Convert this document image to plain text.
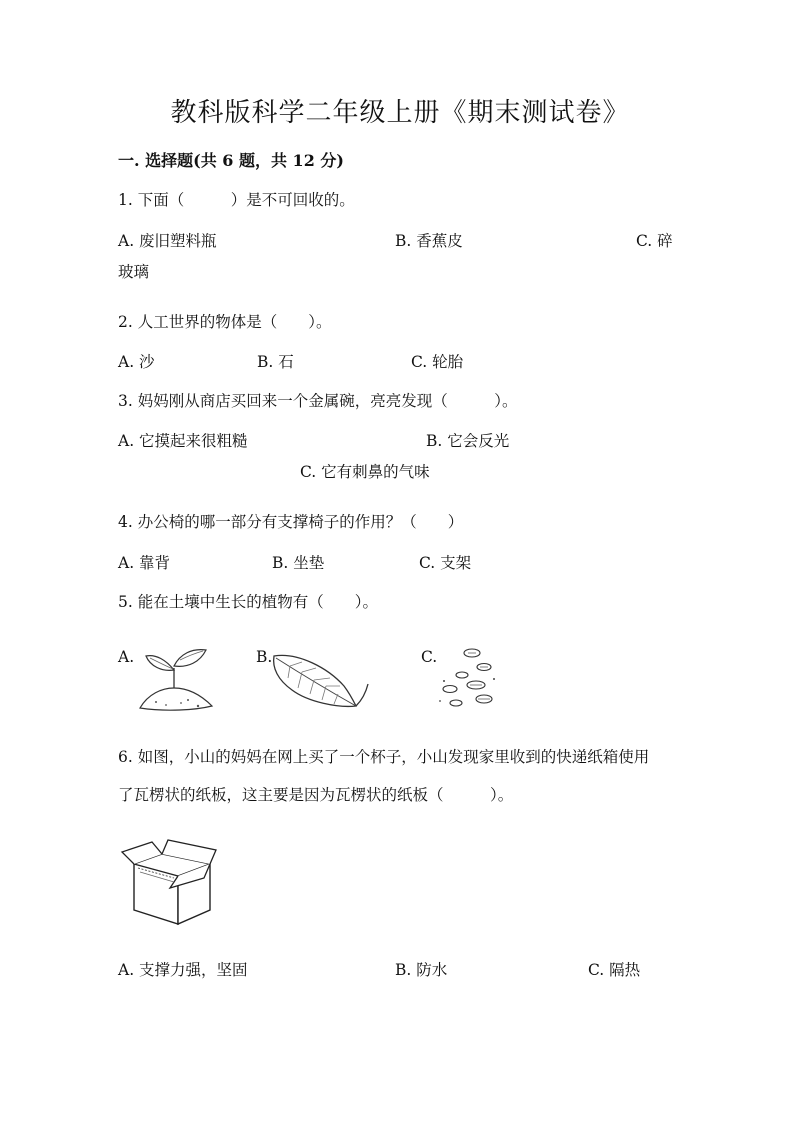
教科版科学二年级上册《期末测试卷》
一. 选择题(共 6 题，共 12 分)
1. 下面（　　　）是不可回收的。
A. 废旧塑料瓶	B. 香蕉皮	C. 碎
玻璃
2. 人工世界的物体是（　　）。
A. 沙	B. 石	C. 轮胎
3. 妈妈刚从商店买回来一个金属碗，亮亮发现（　　　）。
A. 它摸起来很粗糙	B. 它会反光
C. 它有刺鼻的气味
4. 办公椅的哪一部分有支撑椅子的作用？（　　）
A. 靠背	B. 坐垫	C. 支架
5. 能在土壤中生长的植物有（　　）。
A.	B.	C.
6. 如图，小山的妈妈在网上买了一个杯子，小山发现家里收到的快递纸箱使用
了瓦楞状的纸板，这主要是因为瓦楞状的纸板（　　　）。
A. 支撑力强，坚固	B. 防水	C. 隔热
